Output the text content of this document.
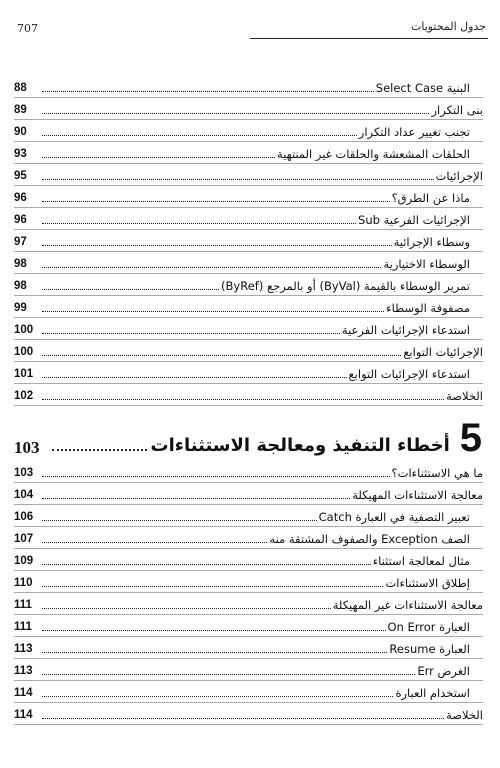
707	جدول المحتويات
88	البنية Select Case
89	بنى التكرار
90	تجنب تغيير عداد التكرار
93	الحلقات المشعشة والحلقات غير المنتهية
95	الإجرائيات
96	ماذا عن الطرق؟
96	الإجرائيات الفرعية Sub
97	وسطاء الإجرائية
98	الوسطاء الاختيارية
98	تمرير الوسطاء بالقيمة (ByVal) أو بالمرجع (ByRef)
99	مصفوفة الوسطاء
100	استدعاء الإجرائيات الفرعية
100	الإجرائيات التوابع
101	استدعاء الإجرائيات التوابع
102	الخلاصة
103	أخطاء التنفيذ ومعالجة الاستثناءات 5
103	ما هي الاستثناءات؟
104	معالجة الاستثناءات المهيكلة
106	تعبير التصفية في العبارة Catch
107	الصف Exception والصفوف المشتقة منه
109	مثال لمعالجة استثناء
110	إطلاق الاستثناءات
111	معالجة الاستثناءات غير المهيكلة
111	العبارة On Error
113	العبارة Resume
113	الغرض Err
114	استخدام العبارة
114	الخلاصة
